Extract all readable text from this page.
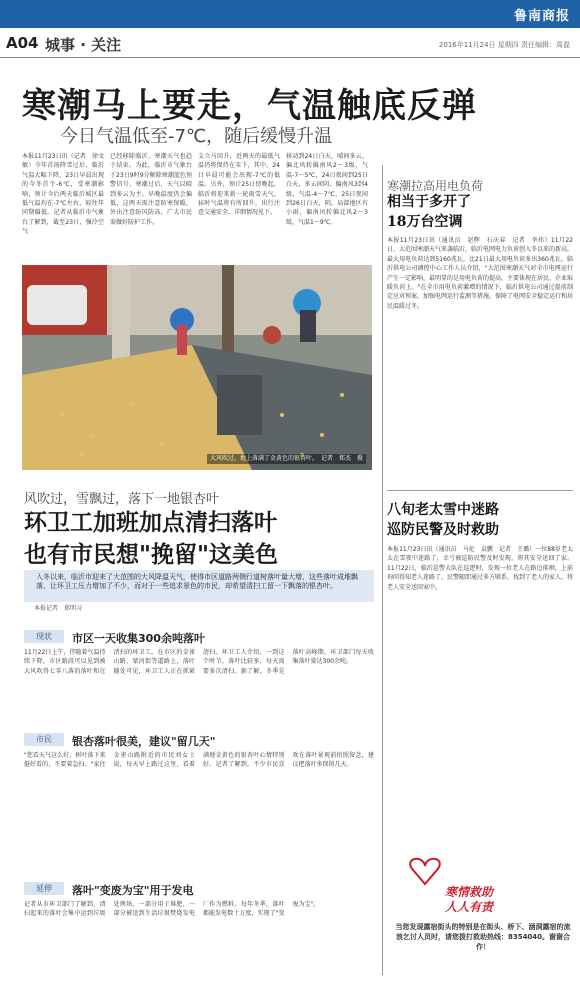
鲁南商报
A04 城事 · 关注	2016年11月24日 星期四 责任编辑：周磊
寒潮马上要走，气温触底反弹
今日气温低至-7℃，随后缓慢升温
本报11月23日讯（记者　徐文敏）今年首场降雪过后，临沂气温大幅下降，23日早晨出现的今冬首个-6℃，受寒潮影响，预计今后两天临沂城区最低气温均在-7℃左右，较往年同期偏低。记者从临沂市气象台了解到，截至23日，强冷空气
已经移除临沂，寒潮天气也趋于结束。为此，临沂市气象台于23日9时9分解除寒潮蓝色预警信号。寒潮过后，天气以晴到多云为主。早晚温度仍会偏低，这两天需注意防寒保暖，外出注意防风防冻，广大市民需做好防护工作。
支立马回升，近两天的最低气温仍将保持在零下，其中，24日早晨可能会出现-7℃的低温。另外，预计25日傍晚起，临沂将迎来新一轮雨雪天气，届时气温将有所回升，出行注意交通安全，详细情况见下。
移动到24日白天，晴间多云，偏北风转偏南风2～3级，气温-7～5℃，24日夜间到25日白天，多云间阴，偏南风3到4级，气温-4～7℃，25日夜间到26日白天，阴，局部地区有小雨，偏南风转偏北风2～3级，气温1～9℃。
大风吹过，地上落满了金黄色的银杏叶。　记者　郑杰　摄
风吹过，雪飘过，落下一地银杏叶
环卫工加班加点清扫落叶
也有市民想"挽留"这美色
入冬以来，临沂市迎来了大范围的大风降温天气，使得市区道路两侧行道树落叶量大增，这些落叶成堆飘落，让环卫工压力增加了不少，而对于一些追求景色的市民，却希望清扫工留一下飘落的银杏叶。
本报记者　郑明习
现状	市区一天收集300余吨落叶
11月22日上午，伴随着气温持续下降，市区路段可以见到被大风吹得七零八落的落叶和在清扫的环卫工。在市区的金雀山路、蒙河街等道路上，落叶随处可见，环卫工人正在抓紧清扫。环卫工人介绍，一到这个时节，落叶比较多，每天需要多次清扫。据了解，冬季是落叶高峰期，环卫部门每天收集落叶量达300余吨。
市民	银杏落叶很美，建议"留几天"
"您看天气这么好，树叶落下来挺好看的，不要着急扫。"家住金雀山路附近的市民刘女士说，每天早上路过这里，看着满地金黄色的银杏叶心情特别好。记者了解到，不少市民喜欢在落叶景观前拍照留念，建议把落叶多保留几天。
延伸	落叶"变废为宝"用于发电
记者从市环卫部门了解到，清扫起来的落叶会集中运到垃圾处理场，一部分用于堆肥，一部分被送到生活垃圾焚烧发电厂作为燃料。每年冬季，落叶都能发电数十万度，实现了"变废为宝"。
寒潮拉高用电负荷
相当于多开了
18万台空调
本报11月23日讯（通讯员　赵辉　石庆春　记者　李玮）11月22日，大范围寒潮天气来袭临沂，临沂电网电力负荷创入冬以来的新高，最大用电负荷达到5160兆瓦，比21日最大用电负荷多出360兆瓦。临沂供电公司调控中心工作人员介绍，"大范围寒潮天气对全市电网运行产生一定影响，最明显的是用电负荷的提高，主要体现在居民、企业取暖负荷上。"在全市用电负荷激增的情况下，临沂供电公司通过提前制定应对预案，加强电网运行监测等措施，保障了电网安全稳定运行和居民温暖过冬。
八旬老太雪中迷路
巡防民警及时救助
本报11月23日讯（通讯员　马伦　袁鹏　记者　王璐）一位88岁老太太在雪夜中迷路了，幸亏被巡防民警及时发现，将其安全送回了家。11月22日，临沂巡警大队在巡逻时，发现一位老人在路边徘徊，上前询问得知老人迷路了，民警随即通过多方联系，找到了老人的家人，将老人安全送回家中。
寒情救助
人人有责
当您发现露宿街头的特别是在街头、桥下、涵洞露宿的流浪乞讨人员时，请您拨打救助热线：8354040。谢谢合作！
